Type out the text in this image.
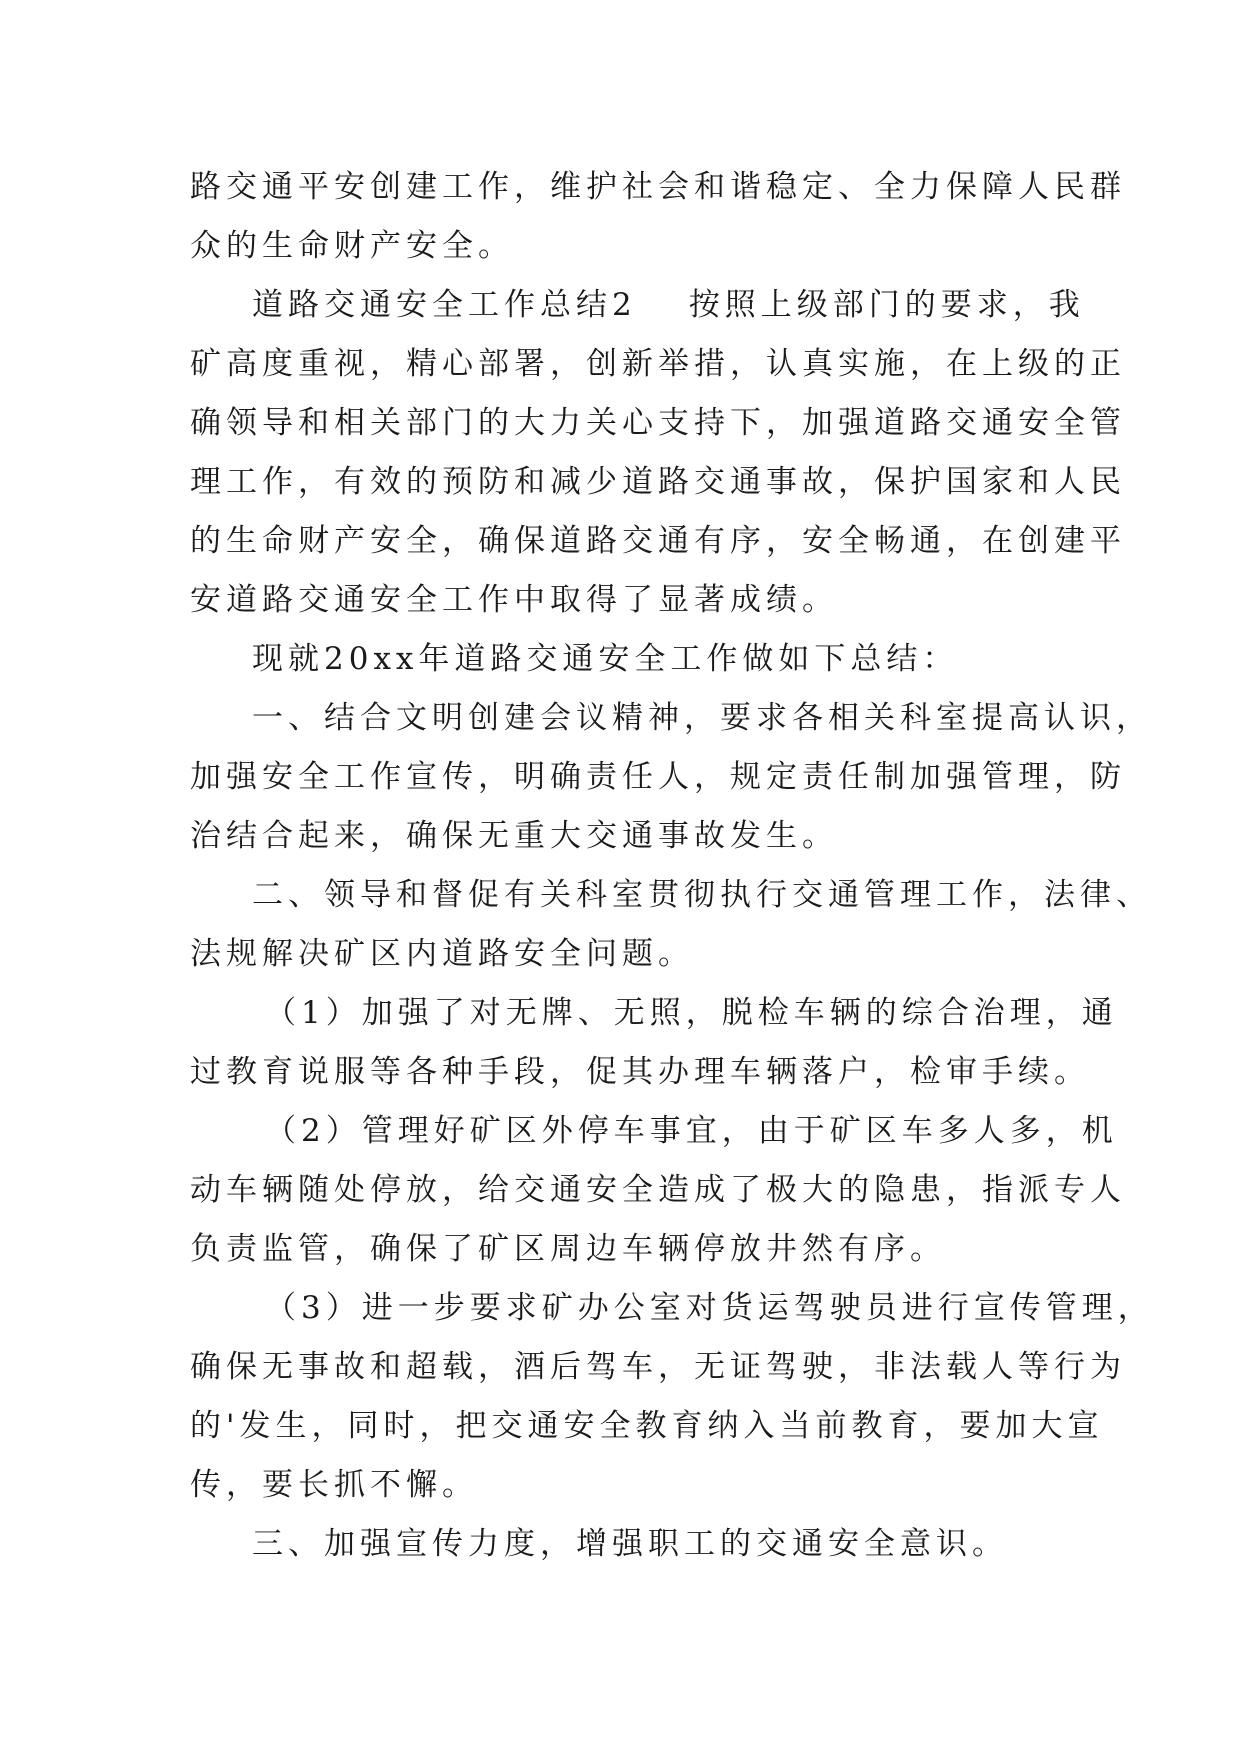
路交通平安创建工作，维护社会和谐稳定、全力保障人民群
众的生命财产安全。
道路交通安全工作总结2 按照上级部门的要求，我
矿高度重视，精心部署，创新举措，认真实施，在上级的正
确领导和相关部门的大力关心支持下，加强道路交通安全管
理工作，有效的预防和减少道路交通事故，保护国家和人民
的生命财产安全，确保道路交通有序，安全畅通，在创建平
安道路交通安全工作中取得了显著成绩。
现就20xx年道路交通安全工作做如下总结：
一、结合文明创建会议精神，要求各相关科室提高认识，
加强安全工作宣传，明确责任人，规定责任制加强管理，防
治结合起来，确保无重大交通事故发生。
二、领导和督促有关科室贯彻执行交通管理工作，法律、
法规解决矿区内道路安全问题。
（1）加强了对无牌、无照，脱检车辆的综合治理，通
过教育说服等各种手段，促其办理车辆落户，检审手续。
（2）管理好矿区外停车事宜，由于矿区车多人多，机
动车辆随处停放，给交通安全造成了极大的隐患，指派专人
负责监管，确保了矿区周边车辆停放井然有序。
（3）进一步要求矿办公室对货运驾驶员进行宣传管理，
确保无事故和超载，酒后驾车，无证驾驶，非法载人等行为
的'发生，同时，把交通安全教育纳入当前教育，要加大宣
传，要长抓不懈。
三、加强宣传力度，增强职工的交通安全意识。
